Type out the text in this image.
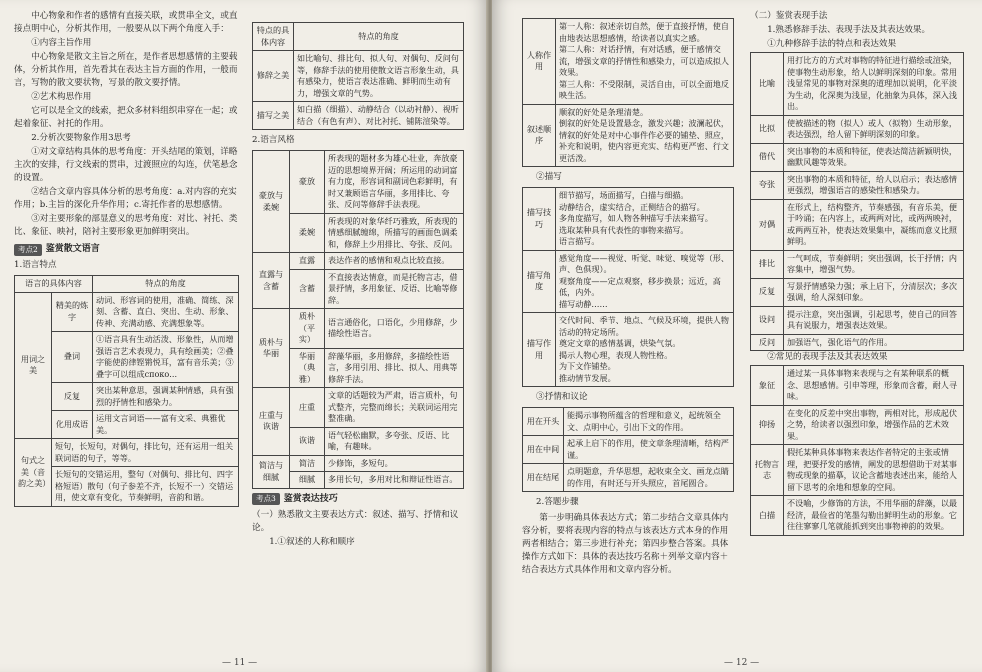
中心物象和作者的感情有直接关联，或贯串全文，或直接点明中心，分析其作用，一般要从以下两个角度入手：

①内容主旨作用

中心物象是散文主旨之所在，是作者思想感情的主要载体，分析其作用，首先看其在表达主旨方面的作用，一般而言，写物的散文要状物，写景的散文要抒情。

②艺术构思作用

它可以是全文的线索，把众多材料组织串穿在一起；或起着象征、衬托的作用。

2.分析次要物象作用3思考

①对文章结构具体的思考角度：开头结尾的策划，详略主次的安排，行文线索的贯串，过渡照应的勾连，伏笔悬念的设置。

②结合文章内容具体分析的思考角度：a.对内容的充实作用；b.主旨的深化升华作用；c.寄托作者的思想感情。

③对主要形象的部显意义的思考角度：对比、衬托、类比、象征、映衬，陪衬主要形象更加鲜明突出。

考点2 鉴赏散文语言
1.语言特点
语言的具体内容		特点的角度
用词之美	精美的炼字	动词、形容词的使用，准确、简练、深刻、含蓄、直白、突出、生动、形象、传神、充满动感、充满想象等。
	叠词	①语言具有生动活泼、形象性，从而增强语言艺术表现力，具有绘画美；②叠字能使韵律铿锵悦耳，富有音乐美；③叠字可以组成споко...
	反复	突出某种意思，强调某种情感，具有强烈的抒情性和感染力。
	化用成语	运用文言词语——富有文采、典雅优美。
句式之美（音韵之美）	短句，长短句，对偶句，排比句，还有运用一组关联词语的句子，等等。	
	长短句的交错运用，整句（对偶句、排比句、四字格短语）散句（句子参差不齐，长短不一）交错运用，使文章有变化，节奏鲜明，音韵和谐。	
特点的具体内容	特点的角度
修辞之美	如比喻句、排比句、拟人句、对偶句、反问句等，修辞手法的使用使散文语言形象生动，具有感染力，使语言表达准确、鲜明而生动有力，增强文章的气势。
描写之美	如白描（细描）、动静结合（以动衬静）、视听结合（有色有声）、对比衬托、铺陈渲染等。
2.语言风格
豪放与柔婉	豪放	所表现的题材多为雄心壮业，奔放豪迈的思想境界开阔；所运用的动词富有力度，形容词和副词色彩鲜明，有时又兼顾语言华丽，多用排比、夸张、反问等修辞手法表现。
	柔婉	所表现的对象华纤巧雅致，所表现的情感细腻缠绵，所描写的画面色调柔和，修辞上少用排比、夸张、反问。
直露与含蓄	直露	表达作者的感情和观点比较直接。
	含蓄	不直接表达情意，而是托物言志，借景抒情，多用象征、反语、比喻等修辞。
质朴与华丽	质朴（平实）	语言通俗化，口语化，少用修辞，少描绘性语言。
	华丽（典雅）	辞藻华丽，多用修辞，多描绘性语言，多用引用、排比、拟人、用典等修辞手法。
庄重与诙谐	庄重	文章的话题较为严肃，语言质朴，句式整齐，完整而绵长；关联词运用完整准确。
	诙谐	语气轻松幽默，多夸张、反语、比喻，有趣味。
简洁与细腻	简洁	少修饰，多短句。
	细腻	多用长句，多用对比和辩证性语言。
考点3 鉴赏表达技巧

（一）熟悉散文主要表达方式：叙述、描写、抒情和议论。

1.①叙述的人称和顺序

— 11 —
人称作用	第一人称：叙述亲切自然，便于直接抒情，使自由地表达思想感情，给读者以真实之感。
第二人称：对话抒情，有对话感，便于感情交流，增强文章的抒情性和感染力，可以造成拟人效果。
第三人称：不受限制，灵活自由，可以全面地反映生活。
叙述顺序	顺叙的好处是条理清楚。
倒叙的好处是设置悬念，激发兴趣；波澜起伏，情叙的好处是对中心事件作必要的铺垫、照应，补充和说明，使内容更充实、结构更严密、行文更活泼。
②描写
描写技巧	细节描写，场面描写，白描与细描。
动静结合，虚实结合，正侧结合的描写。
多角度描写，如人物各种描写手法来描写。
选取某种具有代表性的事物来描写。
语言描写。
描写角度	感觉角度——视觉、听觉、味觉、嗅觉等（形、声、色俱现）。
观察角度——定点观察，移步换景；远近，高低，内外。
描写动静……
描写作用	交代时间、季节、地点、气候及环境，提供人物活动的特定场所。
奠定文章的感情基调，烘染气氛。
揭示人物心理，表现人物性格。
为下文作铺垫。
推动情节发展。
③抒情和议论
用在开头	能揭示事物所蕴含的哲理和意义，起统领全文、点明中心，引出下文的作用。
用在中间	起承上启下的作用，使文章条理清晰，结构严谨。
用在结尾	点明题意，升华思想，起收束全文、画龙点睛的作用，有时还与开头照应，首尾圆合。
2.答题步骤

第一步明确具体表达方式；第二步结合文章具体内容分析，要将表现内容的特点与该表达方式本身的作用两者相结合；第三步进行补充；第四步整合答案。具体操作方式如下：具体的表达技巧名称＋列举文章内容＋结合表达方式具体作用和文章内容分析。

（二）鉴赏表现手法

1.熟悉修辞手法、表现手法及其表达效果。

①九种修辞手法的特点和表达效果

比喻	用打比方的方式对事物的特征进行描绘或渲染，使事物生动形象，给人以鲜明深刻的印象。常用浅显常见的事物对深奥的道理加以说明，化平淡为生动，化深奥为浅显，化抽象为具体，深入浅出。
比拟	使被描述的物（拟人）或人（拟物）生动形象，表达强烈，给人留下鲜明深刻的印象。
借代	突出事物的本质和特征，使表达简洁新颖明快，幽默风趣等效果。
夸张	突出事物的本质和特征，给人以启示；表达感情更强烈，增强语言的感染性和感染力。
对偶	在形式上，结构整齐，节奏感强，有音乐美，便于吟诵；在内容上，或两两对比，或两两映衬，或两两互补，使表达效果集中，凝练而意义比照鲜明。
排比	一气呵成，节奏鲜明；突出强调，长于抒情；内容集中，增强气势。
反复	写景抒情感染力强；承上启下，分清层次；多次强调，给人深刻印象。
设问	提示注意，突出强调，引起思考，使自己的回答具有说服力，增强表达效果。
反问	加强语气，强化语气的作用。

②常见的表现手法及其表达效果

象征	通过某一具体事物来表现与之有某种联系的概念、思想感情。引申等理，形象而含蓄，耐人寻味。
抑扬	在变化的反差中突出事物，两相对比，形成起伏之势，给读者以强烈印象，增强作品的艺术效果。
托物言志	假托某种具体事物来表达作者特定的主张或情理，把要抒发的感情，阐发的思想借助于对某事物或现象的描摹，议论含蓄地表述出来，能给人留下思考的余地和想象的空间。
白描	不设喻，少修饰的方法，不用华丽的辞藻，以最经济，最俭省的笔墨勾勒出鲜明生动的形象。它往往寥寥几笔就能抓到突出事物神韵的效果。
— 12 —
